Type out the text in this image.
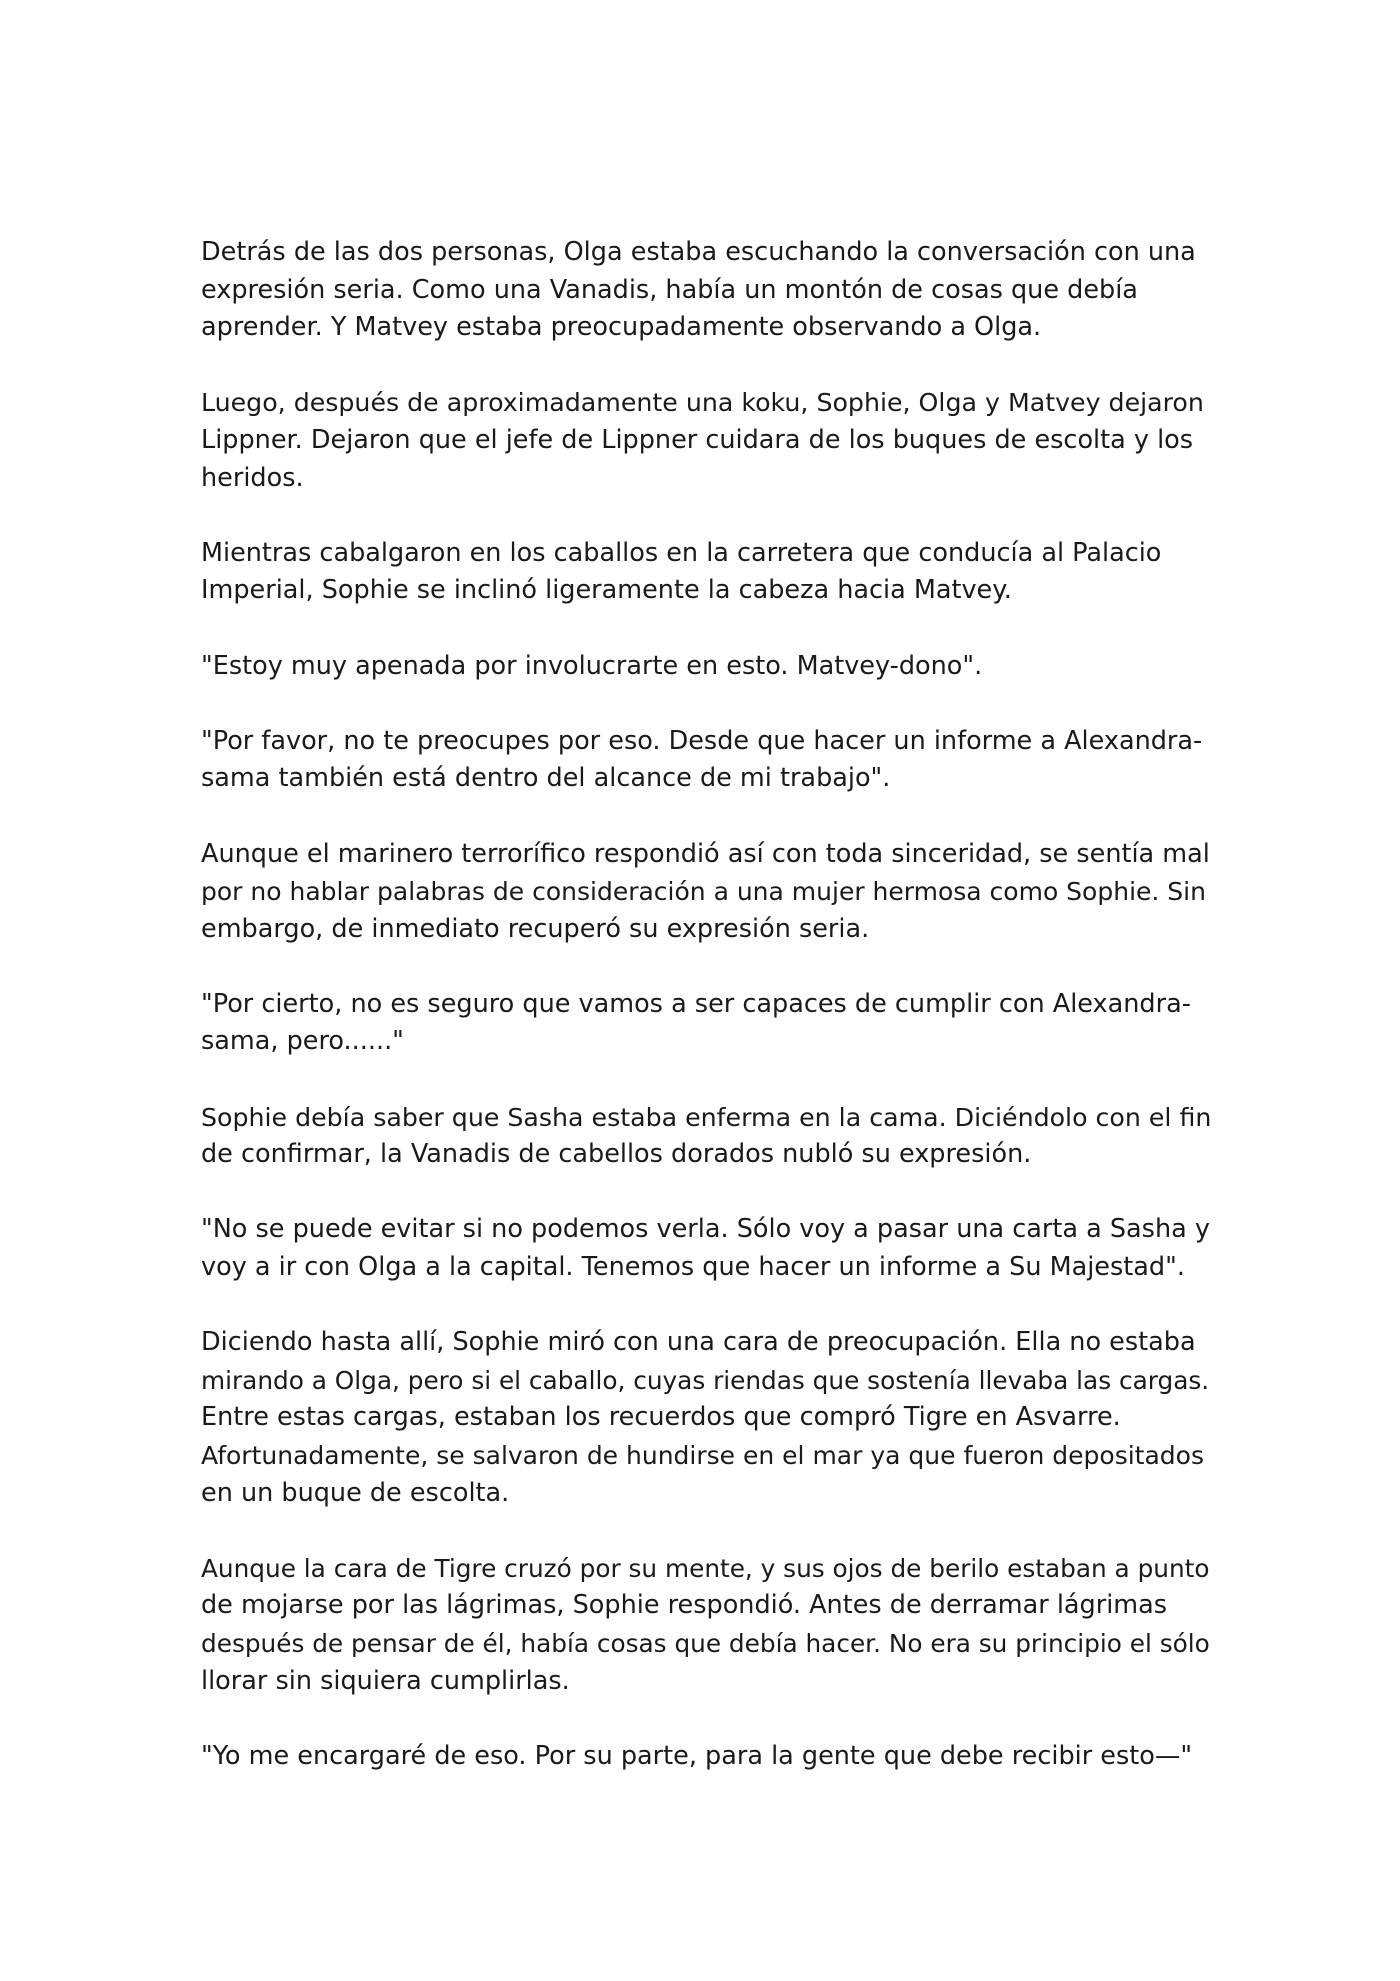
Detrás de las dos personas, Olga estaba escuchando la conversación con una
expresión seria. Como una Vanadis, había un montón de cosas que debía
aprender. Y Matvey estaba preocupadamente observando a Olga.

Luego, después de aproximadamente una koku, Sophie, Olga y Matvey dejaron
Lippner. Dejaron que el jefe de Lippner cuidara de los buques de escolta y los
heridos.

Mientras cabalgaron en los caballos en la carretera que conducía al Palacio
Imperial, Sophie se inclinó ligeramente la cabeza hacia Matvey.

"Estoy muy apenada por involucrarte en esto. Matvey-dono".

"Por favor, no te preocupes por eso. Desde que hacer un informe a Alexandra-
sama también está dentro del alcance de mi trabajo".

Aunque el marinero terrorífico respondió así con toda sinceridad, se sentía mal
por no hablar palabras de consideración a una mujer hermosa como Sophie. Sin
embargo, de inmediato recuperó su expresión seria.

"Por cierto, no es seguro que vamos a ser capaces de cumplir con Alexandra-
sama, pero......"

Sophie debía saber que Sasha estaba enferma en la cama. Diciéndolo con el fin
de confirmar, la Vanadis de cabellos dorados nubló su expresión.

"No se puede evitar si no podemos verla. Sólo voy a pasar una carta a Sasha y
voy a ir con Olga a la capital. Tenemos que hacer un informe a Su Majestad".

Diciendo hasta allí, Sophie miró con una cara de preocupación. Ella no estaba
mirando a Olga, pero si el caballo, cuyas riendas que sostenía llevaba las cargas.
Entre estas cargas, estaban los recuerdos que compró Tigre en Asvarre.
Afortunadamente, se salvaron de hundirse en el mar ya que fueron depositados
en un buque de escolta.

Aunque la cara de Tigre cruzó por su mente, y sus ojos de berilo estaban a punto
de mojarse por las lágrimas, Sophie respondió. Antes de derramar lágrimas
después de pensar de él, había cosas que debía hacer. No era su principio el sólo
llorar sin siquiera cumplirlas.

"Yo me encargaré de eso. Por su parte, para la gente que debe recibir esto—"
